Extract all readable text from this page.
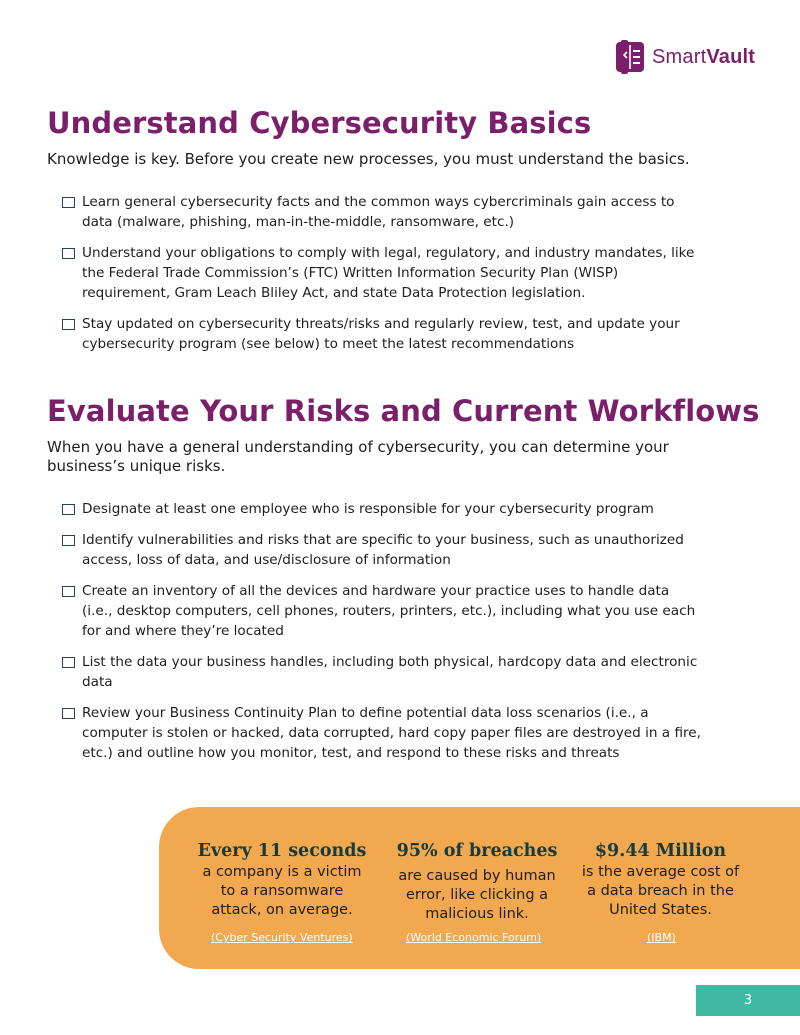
SmartVault
Understand Cybersecurity Basics

Knowledge is key. Before you create new processes, you must understand the basics.

Learn general cybersecurity facts and the common ways cybercriminals gain access to data (malware, phishing, man-in-the-middle, ransomware, etc.)
Understand your obligations to comply with legal, regulatory, and industry mandates, like the Federal Trade Commission’s (FTC) Written Information Security Plan (WISP) requirement, Gram Leach Bliley Act, and state Data Protection legislation.
Stay updated on cybersecurity threats/risks and regularly review, test, and update your cybersecurity program (see below) to meet the latest recommendations
Evaluate Your Risks and Current Workflows

When you have a general understanding of cybersecurity, you can determine your business’s unique risks.

Designate at least one employee who is responsible for your cybersecurity program
Identify vulnerabilities and risks that are specific to your business, such as unauthorized access, loss of data, and use/disclosure of information
Create an inventory of all the devices and hardware your practice uses to handle data (i.e., desktop computers, cell phones, routers, printers, etc.), including what you use each for and where they’re located
List the data your business handles, including both physical, hardcopy data and electronic data
Review your Business Continuity Plan to define potential data loss scenarios (i.e., a computer is stolen or hacked, data corrupted, hard copy paper files are destroyed in a fire, etc.) and outline how you monitor, test, and respond to these risks and threats
Every 11 seconds
a company is a victim to a ransomware attack, on average.
(Cyber Security Ventures)
95% of breaches
are caused by human error, like clicking a malicious link.
(World Economic Forum)
$9.44 Million
is the average cost of a data breach in the United States.
(IBM)
3
